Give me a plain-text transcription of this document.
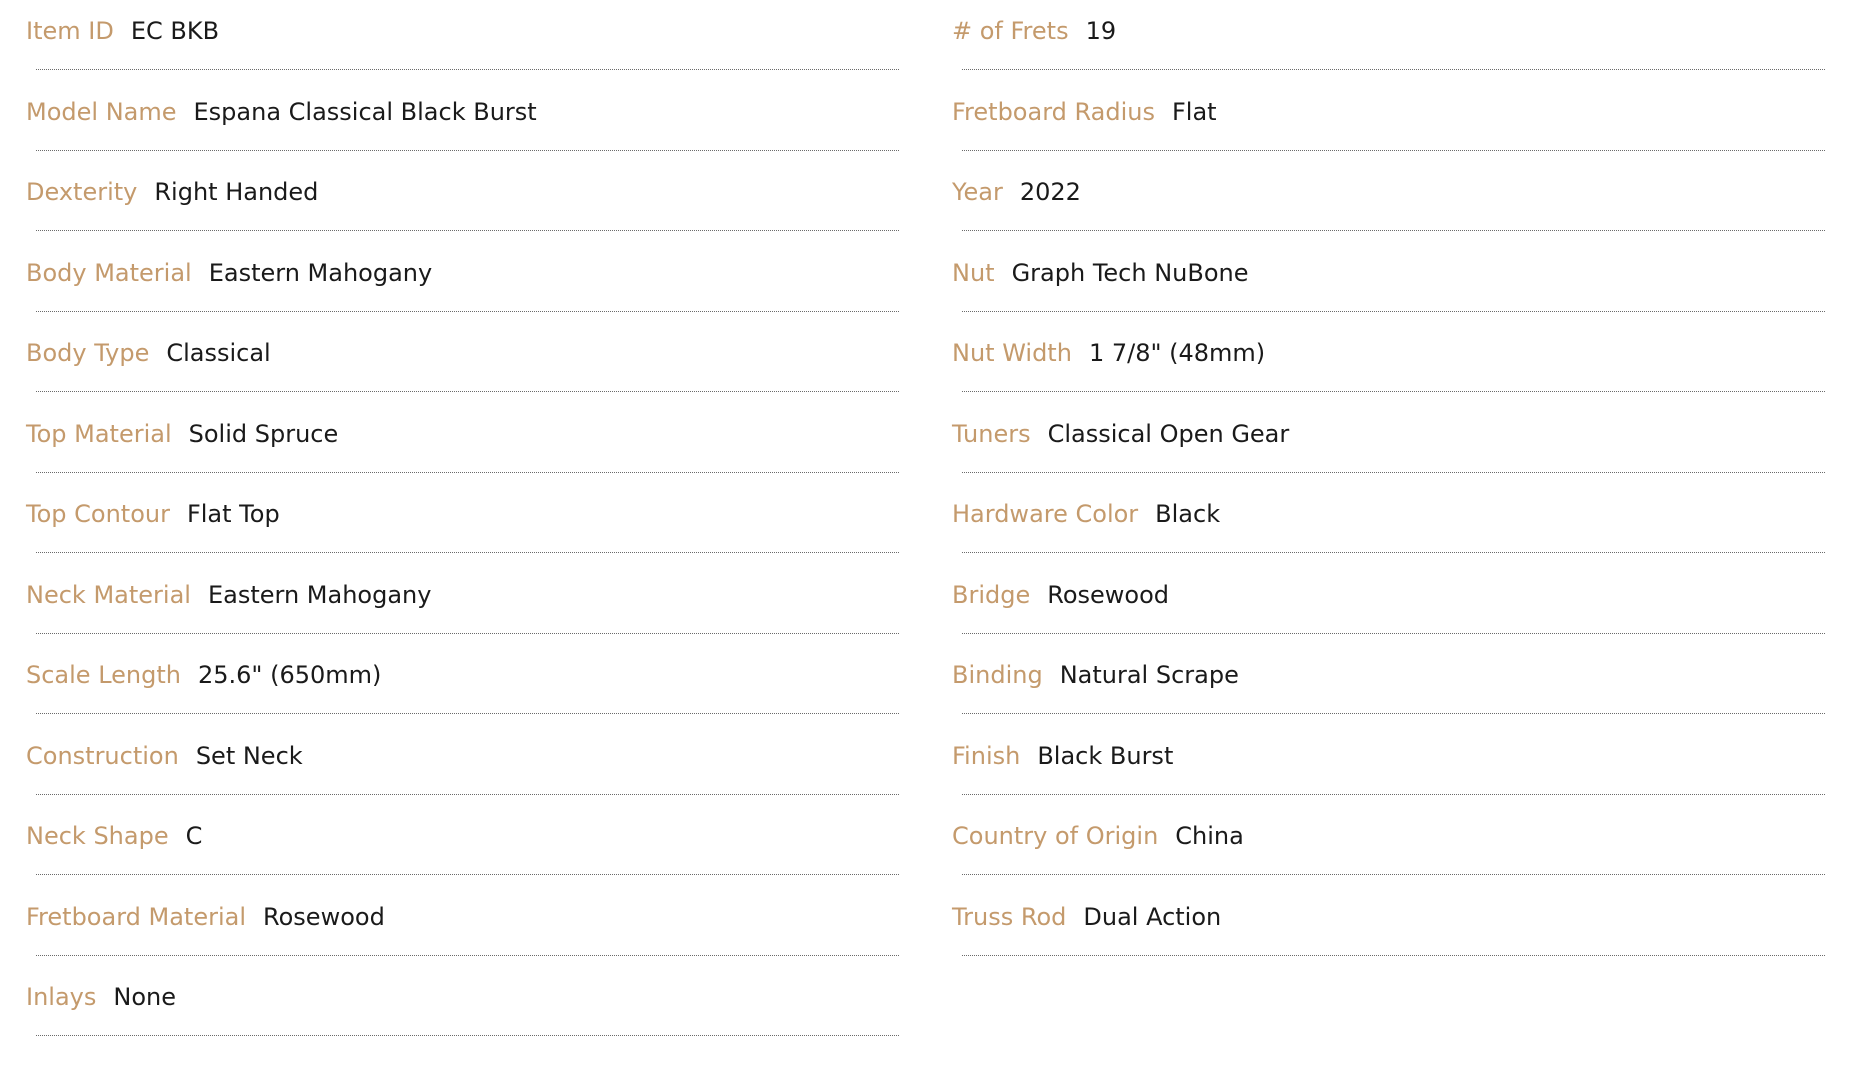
Item ID EC BKB
Model Name Espana Classical Black Burst
Dexterity Right Handed
Body Material Eastern Mahogany
Body Type Classical
Top Material Solid Spruce
Top Contour Flat Top
Neck Material Eastern Mahogany
Scale Length 25.6" (650mm)
Construction Set Neck
Neck Shape C
Fretboard Material Rosewood
Inlays None
# of Frets 19
Fretboard Radius Flat
Year 2022
Nut Graph Tech NuBone
Nut Width 1 7/8" (48mm)
Tuners Classical Open Gear
Hardware Color Black
Bridge Rosewood
Binding Natural Scrape
Finish Black Burst
Country of Origin China
Truss Rod Dual Action
